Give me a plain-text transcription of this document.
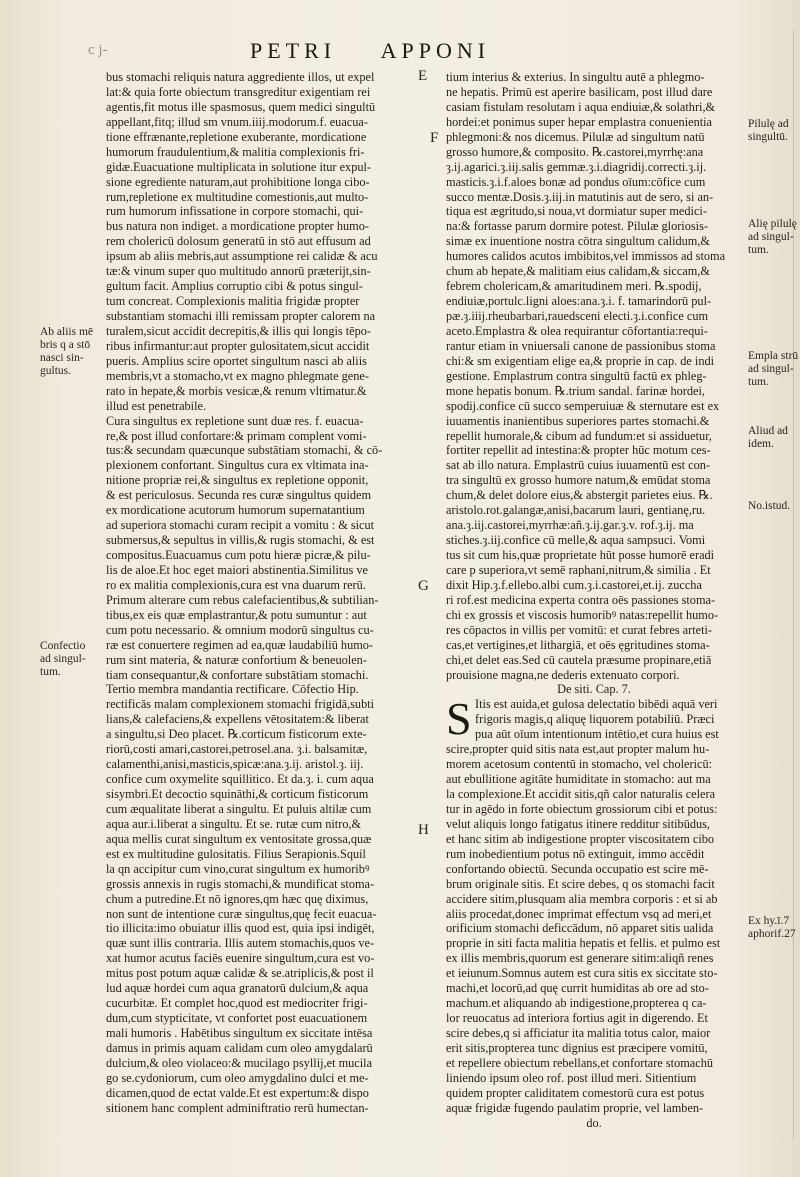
c j-	PETRI APPONI
bus stomachi reliquis natura aggrediente illos, ut expel
lat:& quia forte obiectum transgreditur exigentiam rei
agentis,fit motus ille spasmosus, quem medici singultū
appellant,fitq; illud sm vnum.iiij.modorum.f. euacua-
tione effrænante,repletione exuberante, mordicatione
humorum fraudulentium,& malitia complexionis fri-
gidæ.Euacuatione multiplicata in solutione itur expul-
sione egrediente naturam,aut prohibitione longa cibo-
rum,repletione ex multitudine comestionis,aut multo-
rum humorum infissatione in corpore stomachi, qui-
bus natura non indiget. a mordicatione propter humo-
rem cholericū dolosum generatū in stō aut effusum ad
ipsum ab aliis mebris,aut assumptione rei calidæ & acu
tæ:& vinum super quo multitudo annorū præterijt,sin-
gultum facit. Amplius corruptio cibi & potus singul-
tum concreat. Complexionis malitia frigidæ propter
substantiam stomachi illi remissam propter calorem na
turalem,sicut accidit decrepitis,& illis qui longis tēpo-
ribus infirmantur:aut propter gulositatem,sicut accidit
pueris. Amplius scire oportet singultum nasci ab aliis
membris,vt a stomacho,vt ex magno phlegmate gene-
rato in hepate,& morbis vesicæ,& renum vltimatur.&
illud est penetrabile.
Cura singultus ex repletione sunt duæ res. f. euacua-
re,& post illud confortare:& primam complent vomi-
tus:& secundam quæcunque substātiam stomachi, & cō-
plexionem confortant. Singultus cura ex vltimata ina-
nitione propriæ rei,& singultus ex repletione opponit,
& est periculosus. Secunda res curæ singultus quidem
ex mordicatione acutorum humorum supernatantium
ad superiora stomachi curam recipit a vomitu : & sicut
submersus,& sepultus in villis,& rugis stomachi, & est
compositus.Euacuamus cum potu hieræ picræ,& pilu-
lis de aloe.Et hoc eget maiori abstinentia.Similitus ve
ro ex malitia complexionis,cura est vna duarum rerū.
Primum alterare cum rebus calefacientibus,& subtilian-
tibus,ex eis quæ emplastrantur,& potu sumuntur : aut
cum potu necessario. & omnium modorū singultus cu-
ræ est conuertere regimen ad ea,quæ laudabiliū humo-
rum sint materia, & naturæ confortium & beneuolen-
tiam consequantur,& confortare substātiam stomachi.
Tertio membra mandantia rectificare. Cōfectio Hip.
rectificās malam complexionem stomachi frigidā,subti
lians,& calefaciens,& expellens vētositatem:& liberat
a singultu,si Deo placet. ℞.corticum fisticorum exte-
riorū,costi amari,castorei,petrosel.ana. ȝ.i. balsamitæ,
calamenthi,anisi,masticis,spicæ:ana.ȝ.ij. aristol.ȝ. iij.
confice cum oxymelite squillitico. Et da.ȝ. i. cum aqua
sisymbri.Et decoctio squināthi,& corticum fisticorum
cum æqualitate liberat a singultu. Et puluis altilæ cum
aqua aur.i.liberat a singultu. Et se. rutæ cum nitro,&
aqua mellis curat singultum ex ventositate grossa,quæ
est ex multitudine gulositatis. Filius Serapionis.Squil
la qn accipitur cum vino,curat singultum ex humoribꝰ
grossis annexis in rugis stomachi,& mundificat stoma-
chum a putredine.Et nō ignores,qm hæc quę diximus,
non sunt de intentione curæ singultus,quę fecit euacua-
tio illicita:imo obuiatur illis quod est, quia ipsi indigēt,
quæ sunt illis contraria. Illis autem stomachis,quos ve-
xat humor acutus faciēs euenire singultum,cura est vo-
mitus post potum aquæ calidæ & se.atriplicis,& post il
lud aquæ hordei cum aqua granatorū dulcium,& aqua
cucurbitæ. Et complet hoc,quod est mediocriter frigi-
dum,cum stypticitate, vt confortet post euacuationem
mali humoris . Habētibus singultum ex siccitate intēsa
damus in primis aquam calidam cum oleo amygdalarū
dulcium,& oleo violaceo:& mucilago psyllij,et mucila
go se.cydoniorum, cum oleo amygdalino dulci et me-
dicamen,quod de ectat valde.Et est expertum:& dispo
sitionem hanc complent adminiftratio rerū humectan-
tium interius & exterius. In singultu autē a phlegmo-
ne hepatis. Primū est aperire basilicam, post illud dare
casiam fistulam resolutam i aqua endiuiæ,& solathri,&
hordei:et ponimus super hepar emplastra conuenientia
phlegmoni:& nos dicemus. Pilulæ ad singultum natū
grosso humore,& composito. ℞.castorei,myrrhę:ana
ȝ.ij.agarici.ȝ.iij.salis gemmæ.ȝ.i.diagridij.correcti.ȝ.ij.
masticis.ȝ.i.f.aloes bonæ ad pondus oīum:cōfice cum
succo mentæ.Dosis.ȝ.iij.in matutinis aut de sero, si an-
tiqua est ægritudo,si noua,vt dormiatur super medici-
na:& fortasse parum dormire potest. Pilulæ gloriosis-
simæ ex inuentione nostra cōtra singultum calidum,&
humores calidos acutos imbibitos,vel immissos ad stoma
chum ab hepate,& malitiam eius calidam,& siccam,&
febrem cholericam,& amaritudinem meri. ℞.spodij,
endiuiæ,portulc.ligni aloes:ana.ȝ.i. f. tamarindorū pul-
pæ.ȝ.iiij.rheubarbari,rauedsceni electi.ȝ.i.confice cum
aceto.Emplastra & olea requirantur cōfortantia:requi-
rantur etiam in vniuersali canone de passionibus stoma
chi:& sm exigentiam elige ea,& proprie in cap. de indi
gestione. Emplastrum contra singultū factū ex phleg-
mone hepatis bonum. ℞.trium sandal. farinæ hordei,
spodij.confice cū succo semperuiuæ & sternutare est ex
iuuamentis inanientibus superiores partes stomachi.&
repellit humorale,& cibum ad fundum:et si assiduetur,
fortiter repellit ad intestina:& propter hūc motum ces-
sat ab illo natura. Emplastrū cuius iuuamentū est con-
tra singultū ex grosso humore natum,& emūdat stoma
chum,& delet dolore eius,& abstergit parietes eius. ℞.
aristolo.rot.galangæ,anisi,bacarum lauri, gentianę,ru.
ana.ȝ.iij.castorei,myrrhæ:añ.ȝ.ij.gar.ȝ.v. rof.ȝ.ij. ma
stiches.ȝ.iij.confice cū melle,& aqua sampsuci. Vomi
tus sit cum his,quæ proprietate hūt posse humorē eradi
care p superiora,vt semē raphani,nitrum,& similia . Et
dixit Hip.ȝ.f.ellebo.albi cum.ȝ.i.castorei,et.ij. zuccha
ri rof.est medicina experta contra oēs passiones stoma-
chi ex grossis et viscosis humoribꝰ natas:repellit humo-
res cōpactos in villis per vomitū: et curat febres arteti-
cas,et vertigines,et lithargiā, et oēs ęgritudines stoma-
chi,et delet eas.Sed cū cautela præsume propinare,etiā
prouisione magna,ne dederis extenuato corpori.
De siti. Cap. 7.
S Itis est auida,et gulosa delectatio bibēdi aquā veri
frigoris magis,q aliquę liquorem potabiliū. Præci
pua aūt oīum intentionum intētio,et cura huius est
scire,propter quid sitis nata est,aut propter malum hu-
morem acetosum contentū in stomacho, vel cholericū:
aut ebullitione agitāte humiditate in stomacho: aut ma
la complexione.Et accidit sitis,qñ calor naturalis celera
tur in agēdo in forte obiectum grossiorum cibi et potus:
velut aliquis longo fatigatus itinere redditur sitibūdus,
et hanc sitim ab indigestione propter viscositatem cibo
rum inobedientium potus nō extinguit, immo accēdit
confortando obiectū. Secunda occupatio est scire mē-
brum originale sitis. Et scire debes, q os stomachi facit
accidere sitim,plusquam alia membra corporis : et si ab
aliis procedat,donec imprimat effectum vsq ad meri,et
orificium stomachi deficcādum, nō apparet sitis ualida
proprie in siti facta malitia hepatis et fellis. et pulmo est
ex illis membris,quorum est generare sitim:aliqñ renes
et ieiunum.Somnus autem est cura sitis ex siccitate sto-
machi,et locorū,ad quę currit humiditas ab ore ad sto-
machum.et aliquando ab indigestione,propterea q ca-
lor reuocatus ad interiora fortius agit in digerendo. Et
scire debes,q si afficiatur ita malitia totus calor, maior
erit sitis,propterea tunc dignius est præcipere vomitū,
et repellere obiectum rebellans,et confortare stomachū
liniendo ipsum oleo rof. post illud meri. Sitientium
quidem propter caliditatem comestorū cura est potus
aquæ frigidæ fugendo paulatim proprie, vel lamben-
do.
Ab aliis mē
bris q a stō
nasci sin-
gultus.
Confectio
ad singul-
tum.
Pilulę ad
singultū.
Alię pilulę
ad singul-
tum.
Empla strū
ad singul-
tum.
Aliud ad
idem.
No.istud.
Ex hy.ī.7
aphorif.27
E
F
G
H
